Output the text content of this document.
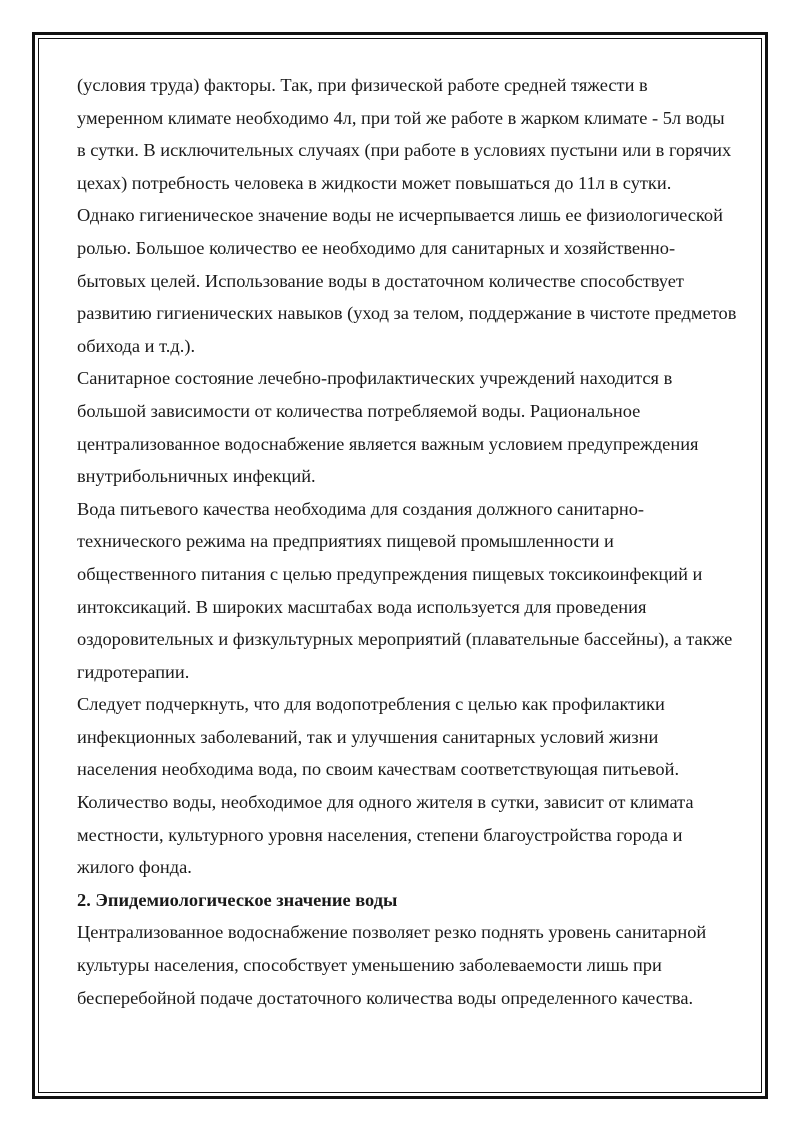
(условия труда) факторы. Так, при физической работе средней тяжести в умеренном климате необходимо 4л, при той же работе в жарком климате - 5л воды в сутки. В исключительных случаях (при работе в условиях пустыни или в горячих цехах) потребность человека в жидкости может повышаться до 11л в сутки.

Однако гигиеническое значение воды не исчерпывается лишь ее физиологической ролью. Большое количество ее необходимо для санитарных и хозяйственно-бытовых целей. Использование воды в достаточном количестве способствует развитию гигиенических навыков (уход за телом, поддержание в чистоте предметов обихода и т.д.).

Санитарное состояние лечебно-профилактических учреждений находится в большой зависимости от количества потребляемой воды. Рациональное централизованное водоснабжение является важным условием предупреждения внутрибольничных инфекций.

Вода питьевого качества необходима для создания должного санитарно-технического режима на предприятиях пищевой промышленности и общественного питания с целью предупреждения пищевых токсикоинфекций и интоксикаций. В широких масштабах вода используется для проведения оздоровительных и физкультурных мероприятий (плавательные бассейны), а также гидротерапии.

Следует подчеркнуть, что для водопотребления с целью как профилактики инфекционных заболеваний, так и улучшения санитарных условий жизни населения необходима вода, по своим качествам соответствующая питьевой. Количество воды, необходимое для одного жителя в сутки, зависит от климата местности, культурного уровня населения, степени благоустройства города и жилого фонда.

2. Эпидемиологическое значение воды

Централизованное водоснабжение позволяет резко поднять уровень санитарной культуры населения, способствует уменьшению заболеваемости лишь при бесперебойной подаче достаточного количества воды определенного качества.
